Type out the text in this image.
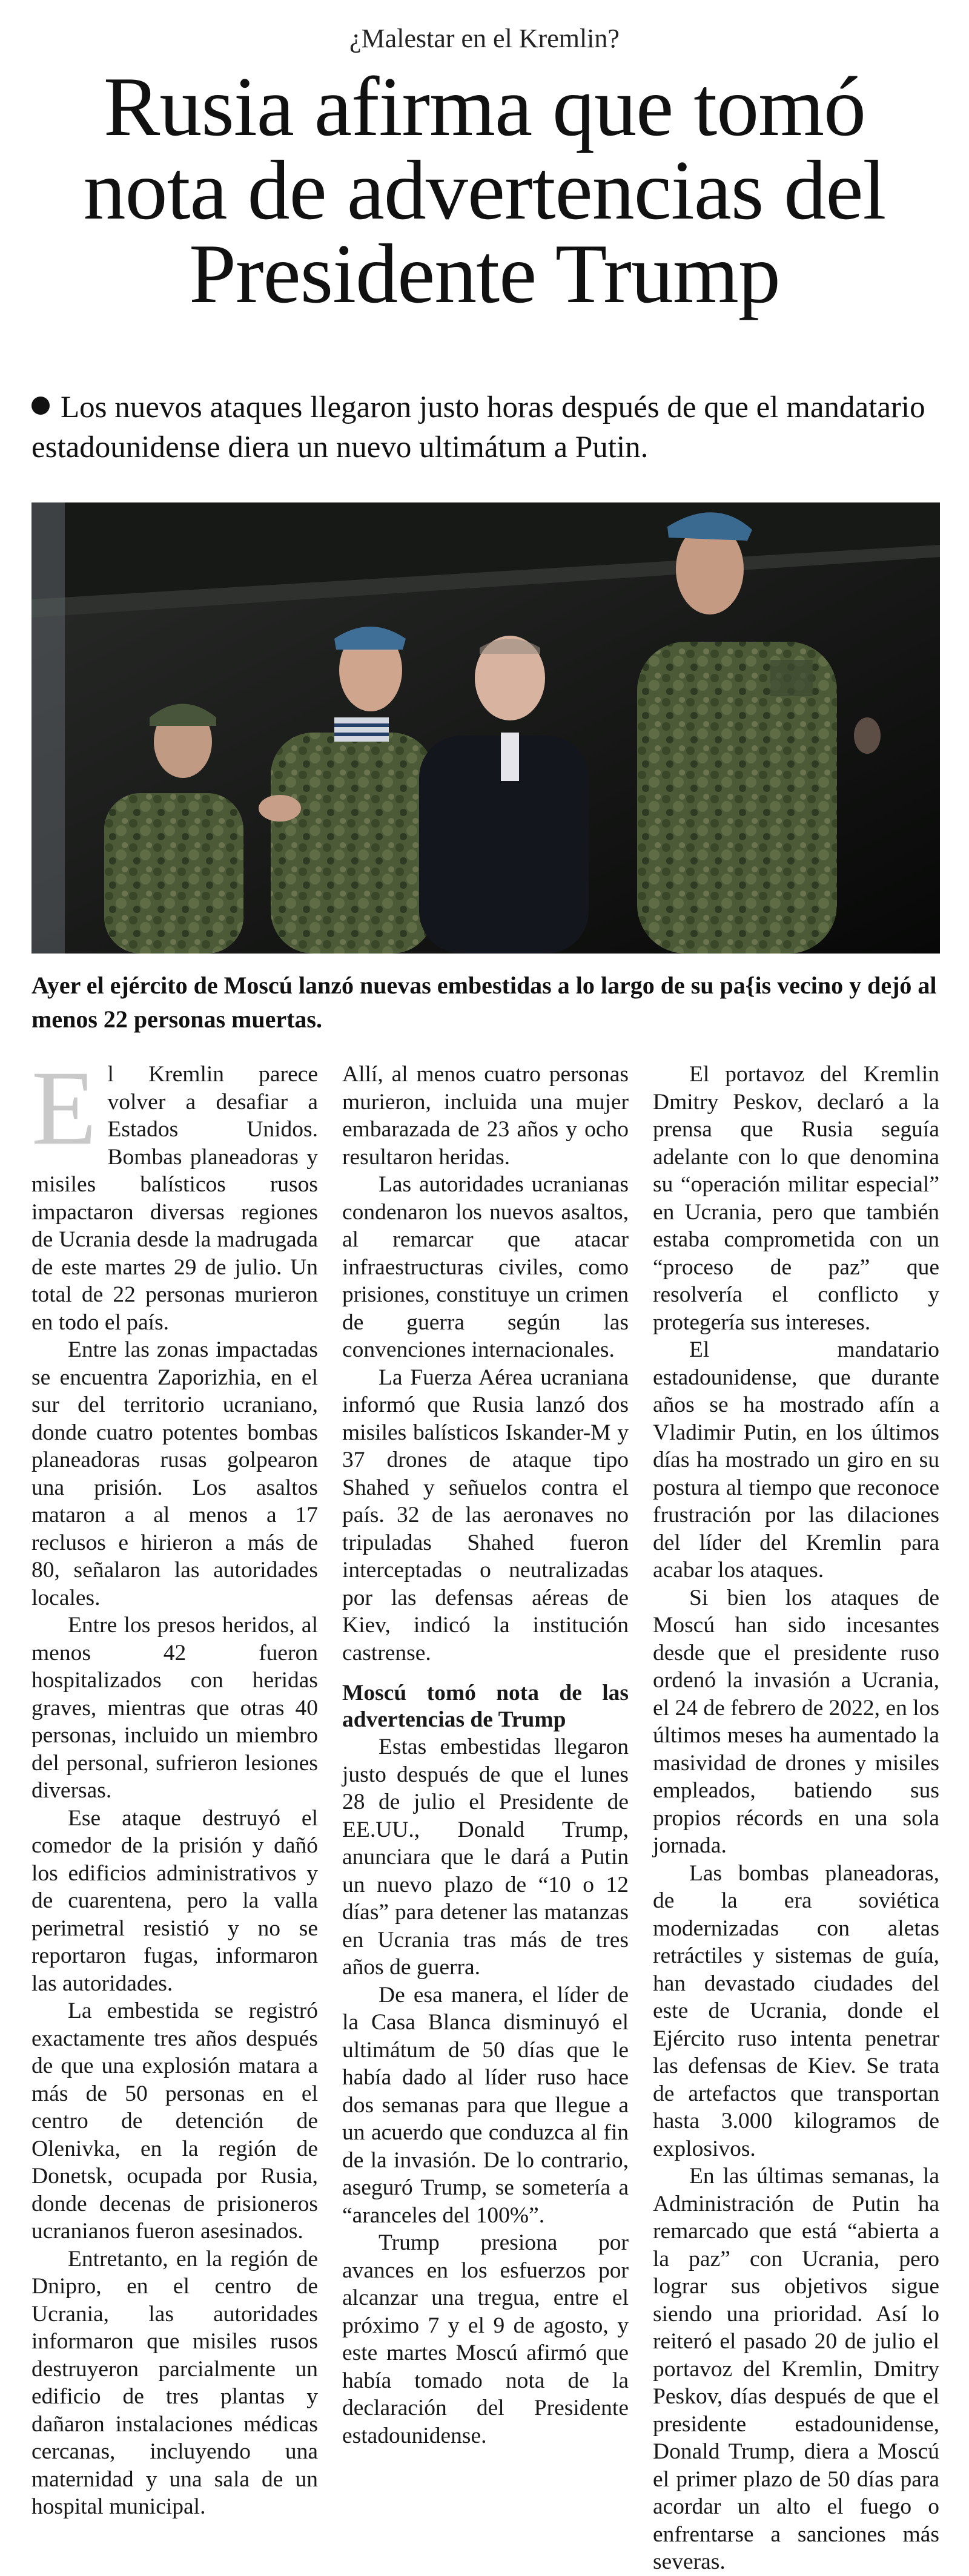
¿Malestar en el Kremlin?
Rusia afirma que tomó nota de advertencias del Presidente Trump
Los nuevos ataques llegaron justo horas después de que el mandatario estadounidense diera un nuevo ultimátum a Putin.
Ayer el ejército de Moscú lanzó nuevas embestidas a lo largo de su pa{is vecino y dejó al menos 22 personas muertas.
E l Kremlin parece volver a desafiar a Estados Unidos. Bombas planeadoras y misiles balísticos rusos impactaron diversas regiones de Ucrania desde la madrugada de este martes 29 de julio. Un total de 22 personas murieron en todo el país.

Entre las zonas impactadas se encuentra Zaporizhia, en el sur del territorio ucraniano, donde cuatro potentes bombas planeadoras rusas golpearon una prisión. Los asaltos mataron a al menos a 17 reclusos e hirieron a más de 80, señalaron las autoridades locales.

Entre los presos heridos, al menos 42 fueron hospitalizados con heridas graves, mientras que otras 40 personas, incluido un miembro del personal, sufrieron lesiones diversas.

Ese ataque destruyó el comedor de la prisión y dañó los edificios administrativos y de cuarentena, pero la valla perimetral resistió y no se reportaron fugas, informaron las autoridades.

La embestida se registró exactamente tres años después de que una explosión matara a más de 50 personas en el centro de detención de Olenivka, en la región de Donetsk, ocupada por Rusia, donde decenas de prisioneros ucranianos fueron asesinados.

Entretanto, en la región de Dnipro, en el centro de Ucrania, las autoridades informaron que misiles rusos destruyeron parcialmente un edificio de tres plantas y dañaron instalaciones médicas cercanas, incluyendo una maternidad y una sala de un hospital municipal.

Allí, al menos cuatro personas murieron, incluida una mujer embarazada de 23 años y ocho resultaron heridas.

Las autoridades ucranianas condenaron los nuevos asaltos, al remarcar que atacar infraestructuras civiles, como prisiones, constituye un crimen de guerra según las convenciones internacionales.

La Fuerza Aérea ucraniana informó que Rusia lanzó dos misiles balísticos Iskander-M y 37 drones de ataque tipo Shahed y señuelos contra el país. 32 de las aeronaves no tripuladas Shahed fueron interceptadas o neutralizadas por las defensas aéreas de Kiev, indicó la institución castrense.

Moscú tomó nota de las advertencias de Trump

Estas embestidas llegaron justo después de que el lunes 28 de julio el Presidente de EE.UU., Donald Trump, anunciara que le dará a Putin un nuevo plazo de “10 o 12 días” para detener las matanzas en Ucrania tras más de tres años de guerra.

De esa manera, el líder de la Casa Blanca disminuyó el ultimátum de 50 días que le había dado al líder ruso hace dos semanas para que llegue a un acuerdo que conduzca al fin de la invasión. De lo contrario, aseguró Trump, se sometería a “aranceles del 100%”.

Trump presiona por avances en los esfuerzos por alcanzar una tregua, entre el próximo 7 y el 9 de agosto, y este martes Moscú afirmó que había tomado nota de la declaración del Presidente estadounidense.

El portavoz del Kremlin Dmitry Peskov, declaró a la prensa que Rusia seguía adelante con lo que denomina su “operación militar especial” en Ucrania, pero que también estaba comprometida con un “proceso de paz” que resolvería el conflicto y protegería sus intereses.

El mandatario estadounidense, que durante años se ha mostrado afín a Vladimir Putin, en los últimos días ha mostrado un giro en su postura al tiempo que reconoce frustración por las dilaciones del líder del Kremlin para acabar los ataques.

Si bien los ataques de Moscú han sido incesantes desde que el presidente ruso ordenó la invasión a Ucrania, el 24 de febrero de 2022, en los últimos meses ha aumentado la masividad de drones y misiles empleados, batiendo sus propios récords en una sola jornada.

Las bombas planeadoras, de la era soviética modernizadas con aletas retráctiles y sistemas de guía, han devastado ciudades del este de Ucrania, donde el Ejército ruso intenta penetrar las defensas de Kiev. Se trata de artefactos que transportan hasta 3.000 kilogramos de explosivos.

En las últimas semanas, la Administración de Putin ha remarcado que está “abierta a la paz” con Ucrania, pero lograr sus objetivos sigue siendo una prioridad. Así lo reiteró el pasado 20 de julio el portavoz del Kremlin, Dmitry Peskov, días después de que el presidente estadounidense, Donald Trump, diera a Moscú el primer plazo de 50 días para acordar un alto el fuego o enfrentarse a sanciones más severas.
